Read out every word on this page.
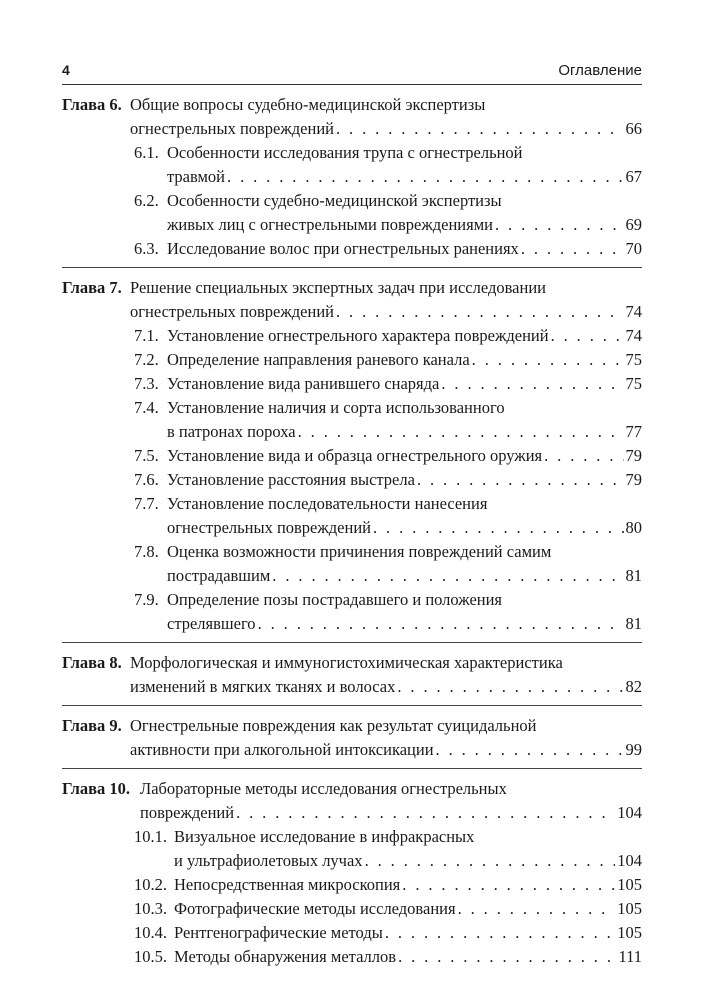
4	Оглавление
Глава 6. Общие вопросы судебно-медицинской экспертизы
огнестрельных повреждений . . .	66
6.1. Особенности исследования трупа с огнестрельной
травмой . . .	67
6.2. Особенности судебно-медицинской экспертизы
живых лиц с огнестрельными повреждениями . . .	69
6.3. Исследование волос при огнестрельных ранениях . . .	70
Глава 7. Решение специальных экспертных задач при исследовании
огнестрельных повреждений . . .	74
7.1. Установление огнестрельного характера повреждений . . .	74
7.2. Определение направления раневого канала . . .	75
7.3. Установление вида ранившего снаряда . . .	75
7.4. Установление наличия и сорта использованного
в патронах пороха . . .	77
7.5. Установление вида и образца огнестрельного оружия . . .	79
7.6. Установление расстояния выстрела . . .	79
7.7. Установление последовательности нанесения
огнестрельных повреждений . . .	80
7.8. Оценка возможности причинения повреждений самим
пострадавшим . . .	81
7.9. Определение позы пострадавшего и положения
стрелявшего . . .	81
Глава 8. Морфологическая и иммуногистохимическая характеристика
изменений в мягких тканях и волосах . . .	82
Глава 9. Огнестрельные повреждения как результат суицидальной
активности при алкогольной интоксикации . . .	99
Глава 10. Лабораторные методы исследования огнестрельных
повреждений . . .	104
10.1. Визуальное исследование в инфракрасных
и ультрафиолетовых лучах . . .	104
10.2. Непосредственная микроскопия . . .	105
10.3. Фотографические методы исследования . . .	105
10.4. Рентгенографические методы . . .	105
10.5. Методы обнаружения металлов . . .	111
